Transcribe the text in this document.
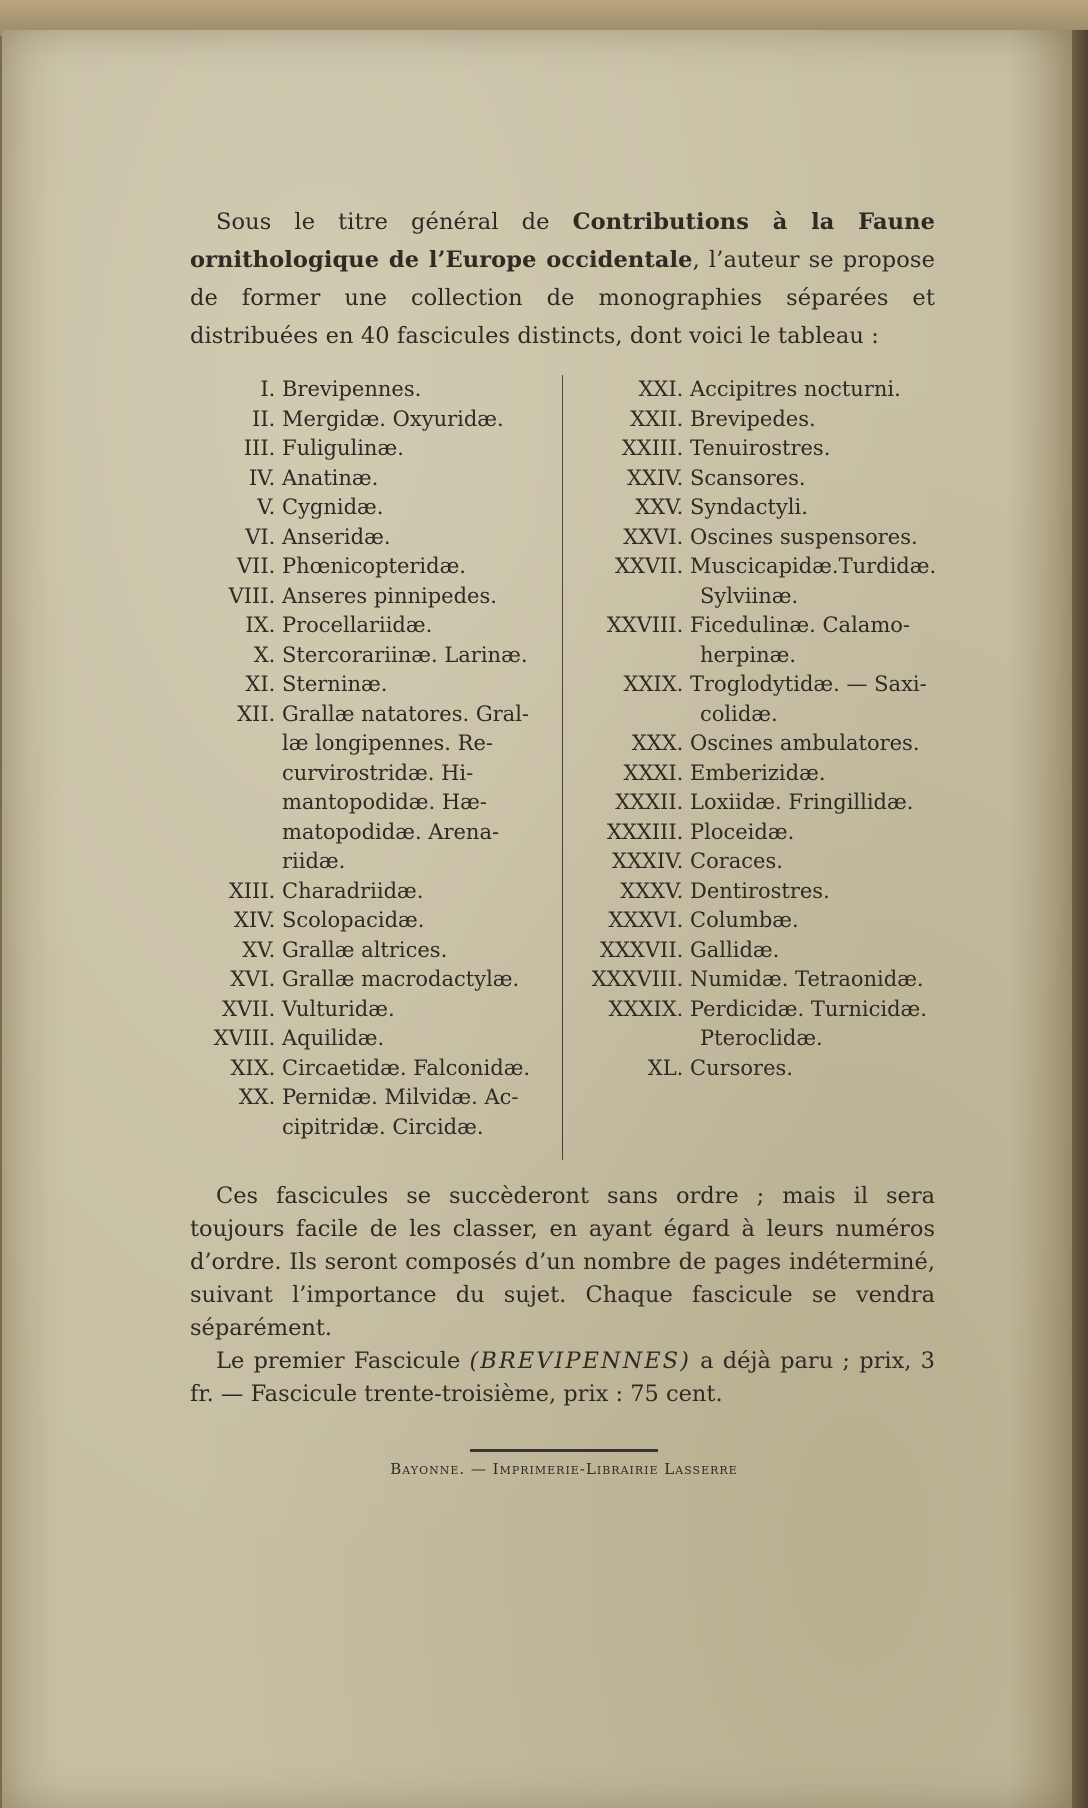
Sous le titre général de Contributions à la Faune ornithologique de l’Europe occidentale, l’auteur se propose de former une collection de monographies séparées et distribuées en 40 fascicules distincts, dont voici le tableau :

I. Brevipennes.
II. Mergidæ. Oxyuridæ.
III. Fuligulinæ.
IV. Anatinæ.
V. Cygnidæ.
VI. Anseridæ.
VII. Phœnicopteridæ.
VIII. Anseres pinnipedes.
IX. Procellariidæ.
X. Stercorariinæ. Larinæ.
XI. Sterninæ.
XII. Grallæ natatores. Gral-
læ longipennes. Re-
curvirostridæ. Hi-
mantopodidæ. Hæ-
matopodidæ. Arena-
riidæ.
XIII. Charadriidæ.
XIV. Scolopacidæ.
XV. Grallæ altrices.
XVI. Grallæ macrodactylæ.
XVII. Vulturidæ.
XVIII. Aquilidæ.
XIX. Circaetidæ. Falconidæ.
XX. Pernidæ. Milvidæ. Ac-
cipitridæ. Circidæ.
XXI. Accipitres nocturni.
XXII. Brevipedes.
XXIII. Tenuirostres.
XXIV. Scansores.
XXV. Syndactyli.
XXVI. Oscines suspensores.
XXVII. Muscicapidæ.Turdidæ.
Sylviinæ.
XXVIII. Ficedulinæ. Calamo-
herpinæ.
XXIX. Troglodytidæ. — Saxi-
colidæ.
XXX. Oscines ambulatores.
XXXI. Emberizidæ.
XXXII. Loxiidæ. Fringillidæ.
XXXIII. Ploceidæ.
XXXIV. Coraces.
XXXV. Dentirostres.
XXXVI. Columbæ.
XXXVII. Gallidæ.
XXXVIII. Numidæ. Tetraonidæ.
XXXIX. Perdicidæ. Turnicidæ.
Pteroclidæ.
XL. Cursores.

Ces fascicules se succèderont sans ordre ; mais il sera toujours facile de les classer, en ayant égard à leurs numéros d’ordre. Ils seront composés d’un nombre de pages indéterminé, suivant l’importance du sujet. Chaque fascicule se vendra séparément.

Le premier Fascicule (BREVIPENNES) a déjà paru ; prix, 3 fr. — Fascicule trente-troisième, prix : 75 cent.

Bayonne. — Imprimerie-Librairie Lasserre
